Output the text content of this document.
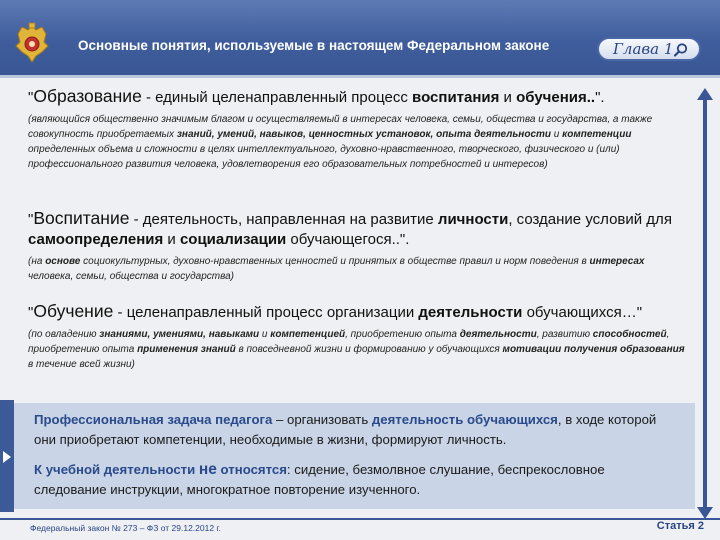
Основные понятия, используемые в настоящем Федеральном законе	Глава 1
"Образование - единый целенаправленный процесс воспитания и обучения..".
(являющийся общественно значимым благом и осуществляемый в интересах человека, семьи, общества и государства, а также совокупность приобретаемых знаний, умений, навыков, ценностных установок, опыта деятельности и компетенции определенных объема и сложности в целях интеллектуального, духовно-нравственного, творческого, физического и (или) профессионального развития человека, удовлетворения его образовательных потребностей и интересов)
"Воспитание - деятельность, направленная на развитие личности, создание условий для самоопределения и социализации обучающегося..".
(на основе социокультурных, духовно-нравственных ценностей и принятых в обществе правил и норм поведения в интересах человека, семьи, общества и государства)
"Обучение - целенаправленный процесс организации деятельности обучающихся…"
(по овладению знаниями, умениями, навыками и компетенцией, приобретению опыта деятельности, развитию способностей, приобретению опыта применения знаний в повседневной жизни и формированию у обучающихся мотивации получения образования в течение всей жизни)
Профессиональная задача педагога – организовать деятельность обучающихся, в ходе которой они приобретают компетенции, необходимые в жизни, формируют личность.
К учебной деятельности не относятся: сидение, безмолвное слушание, беспрекословное следование инструкции, многократное повторение изученного.
Федеральный закон № 273 – ФЗ от 29.12.2012 г.	Статья 2
